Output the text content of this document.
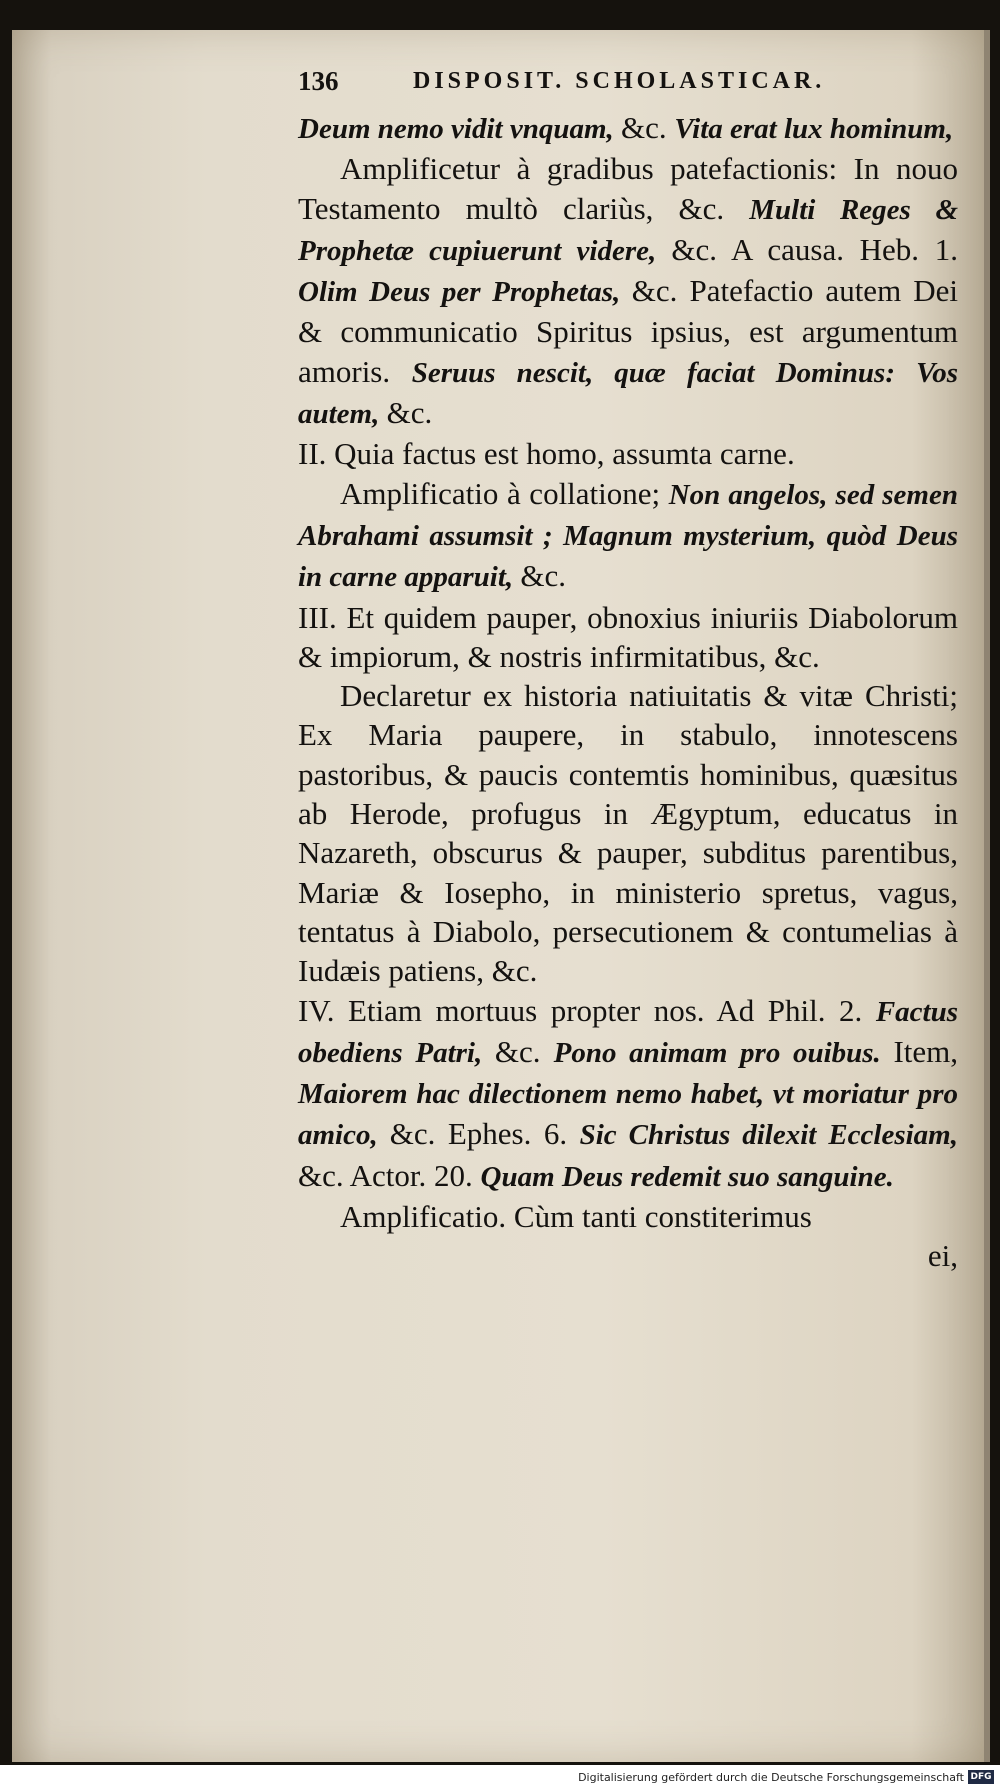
136	DISPOSIT. SCHOLASTICAR.

Deum nemo vidit vnquam, &c. Vita erat lux hominum,

Amplificetur à gradibus patefactionis: In nouo Testamento multò clariùs, &c. Multi Reges & Prophetæ cupiuerunt videre, &c. A causa. Heb. 1. Olim Deus per Prophetas, &c. Patefactio autem Dei & communicatio Spiritus ipsius, est argumentum amoris. Seruus nescit, quæ faciat Dominus: Vos autem, &c.

II. Quia factus est homo, assumta carne.

Amplificatio à collatione; Non angelos, sed semen Abrahami assumsit ; Magnum mysterium, quòd Deus in carne apparuit, &c.

III. Et quidem pauper, obnoxius iniuriis Diabolorum & impiorum, & nostris infirmitatibus, &c.

Declaretur ex historia natiuitatis & vitæ Christi; Ex Maria paupere, in stabulo, innotescens pastoribus, & paucis contemtis hominibus, quæsitus ab Herode, profugus in Ægyptum, educatus in Nazareth, obscurus & pauper, subditus parentibus, Mariæ & Iosepho, in ministerio spretus, vagus, tentatus à Diabolo, persecutionem & contumelias à Iudæis patiens, &c.

IV. Etiam mortuus propter nos. Ad Phil. 2. Factus obediens Patri, &c. Pono animam pro ouibus. Item, Maiorem hac dilectionem nemo habet, vt moriatur pro amico, &c. Ephes. 6. Sic Christus dilexit Ecclesiam, &c. Actor. 20. Quam Deus redemit suo sanguine.

Amplificatio. Cùm tanti constiterimus

ei,

Digitalisierung gefördert durch die Deutsche Forschungsgemeinschaft DFG
